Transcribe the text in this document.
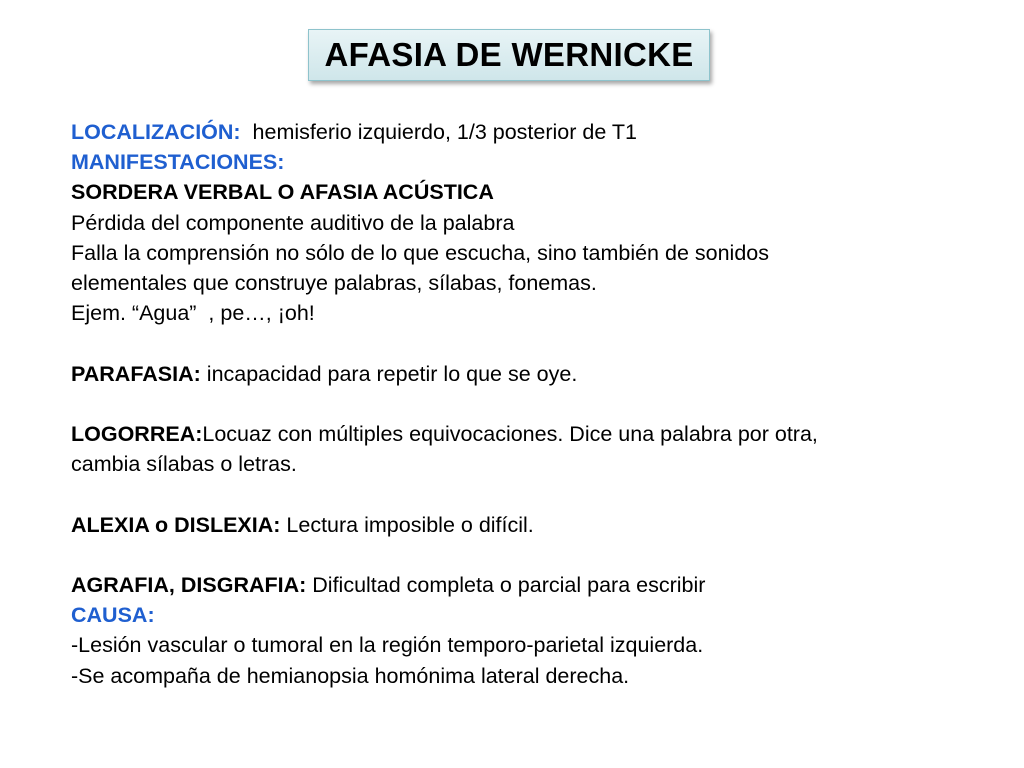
AFASIA DE WERNICKE
LOCALIZACIÓN:  hemisferio izquierdo, 1/3 posterior de T1
MANIFESTACIONES:
SORDERA VERBAL O AFASIA ACÚSTICA
Pérdida del componente auditivo de la palabra
Falla la comprensión no sólo de lo que escucha, sino también de sonidos
elementales que construye palabras, sílabas, fonemas.
Ejem. “Agua”  , pe…, ¡oh!
PARAFASIA: incapacidad para repetir lo que se oye.
LOGORREA:Locuaz con múltiples equivocaciones. Dice una palabra por otra,
cambia sílabas o letras.
ALEXIA o DISLEXIA: Lectura imposible o difícil.
AGRAFIA, DISGRAFIA: Dificultad completa o parcial para escribir
CAUSA:
-Lesión vascular o tumoral en la región temporo-parietal izquierda.
-Se acompaña de hemianopsia homónima lateral derecha.
